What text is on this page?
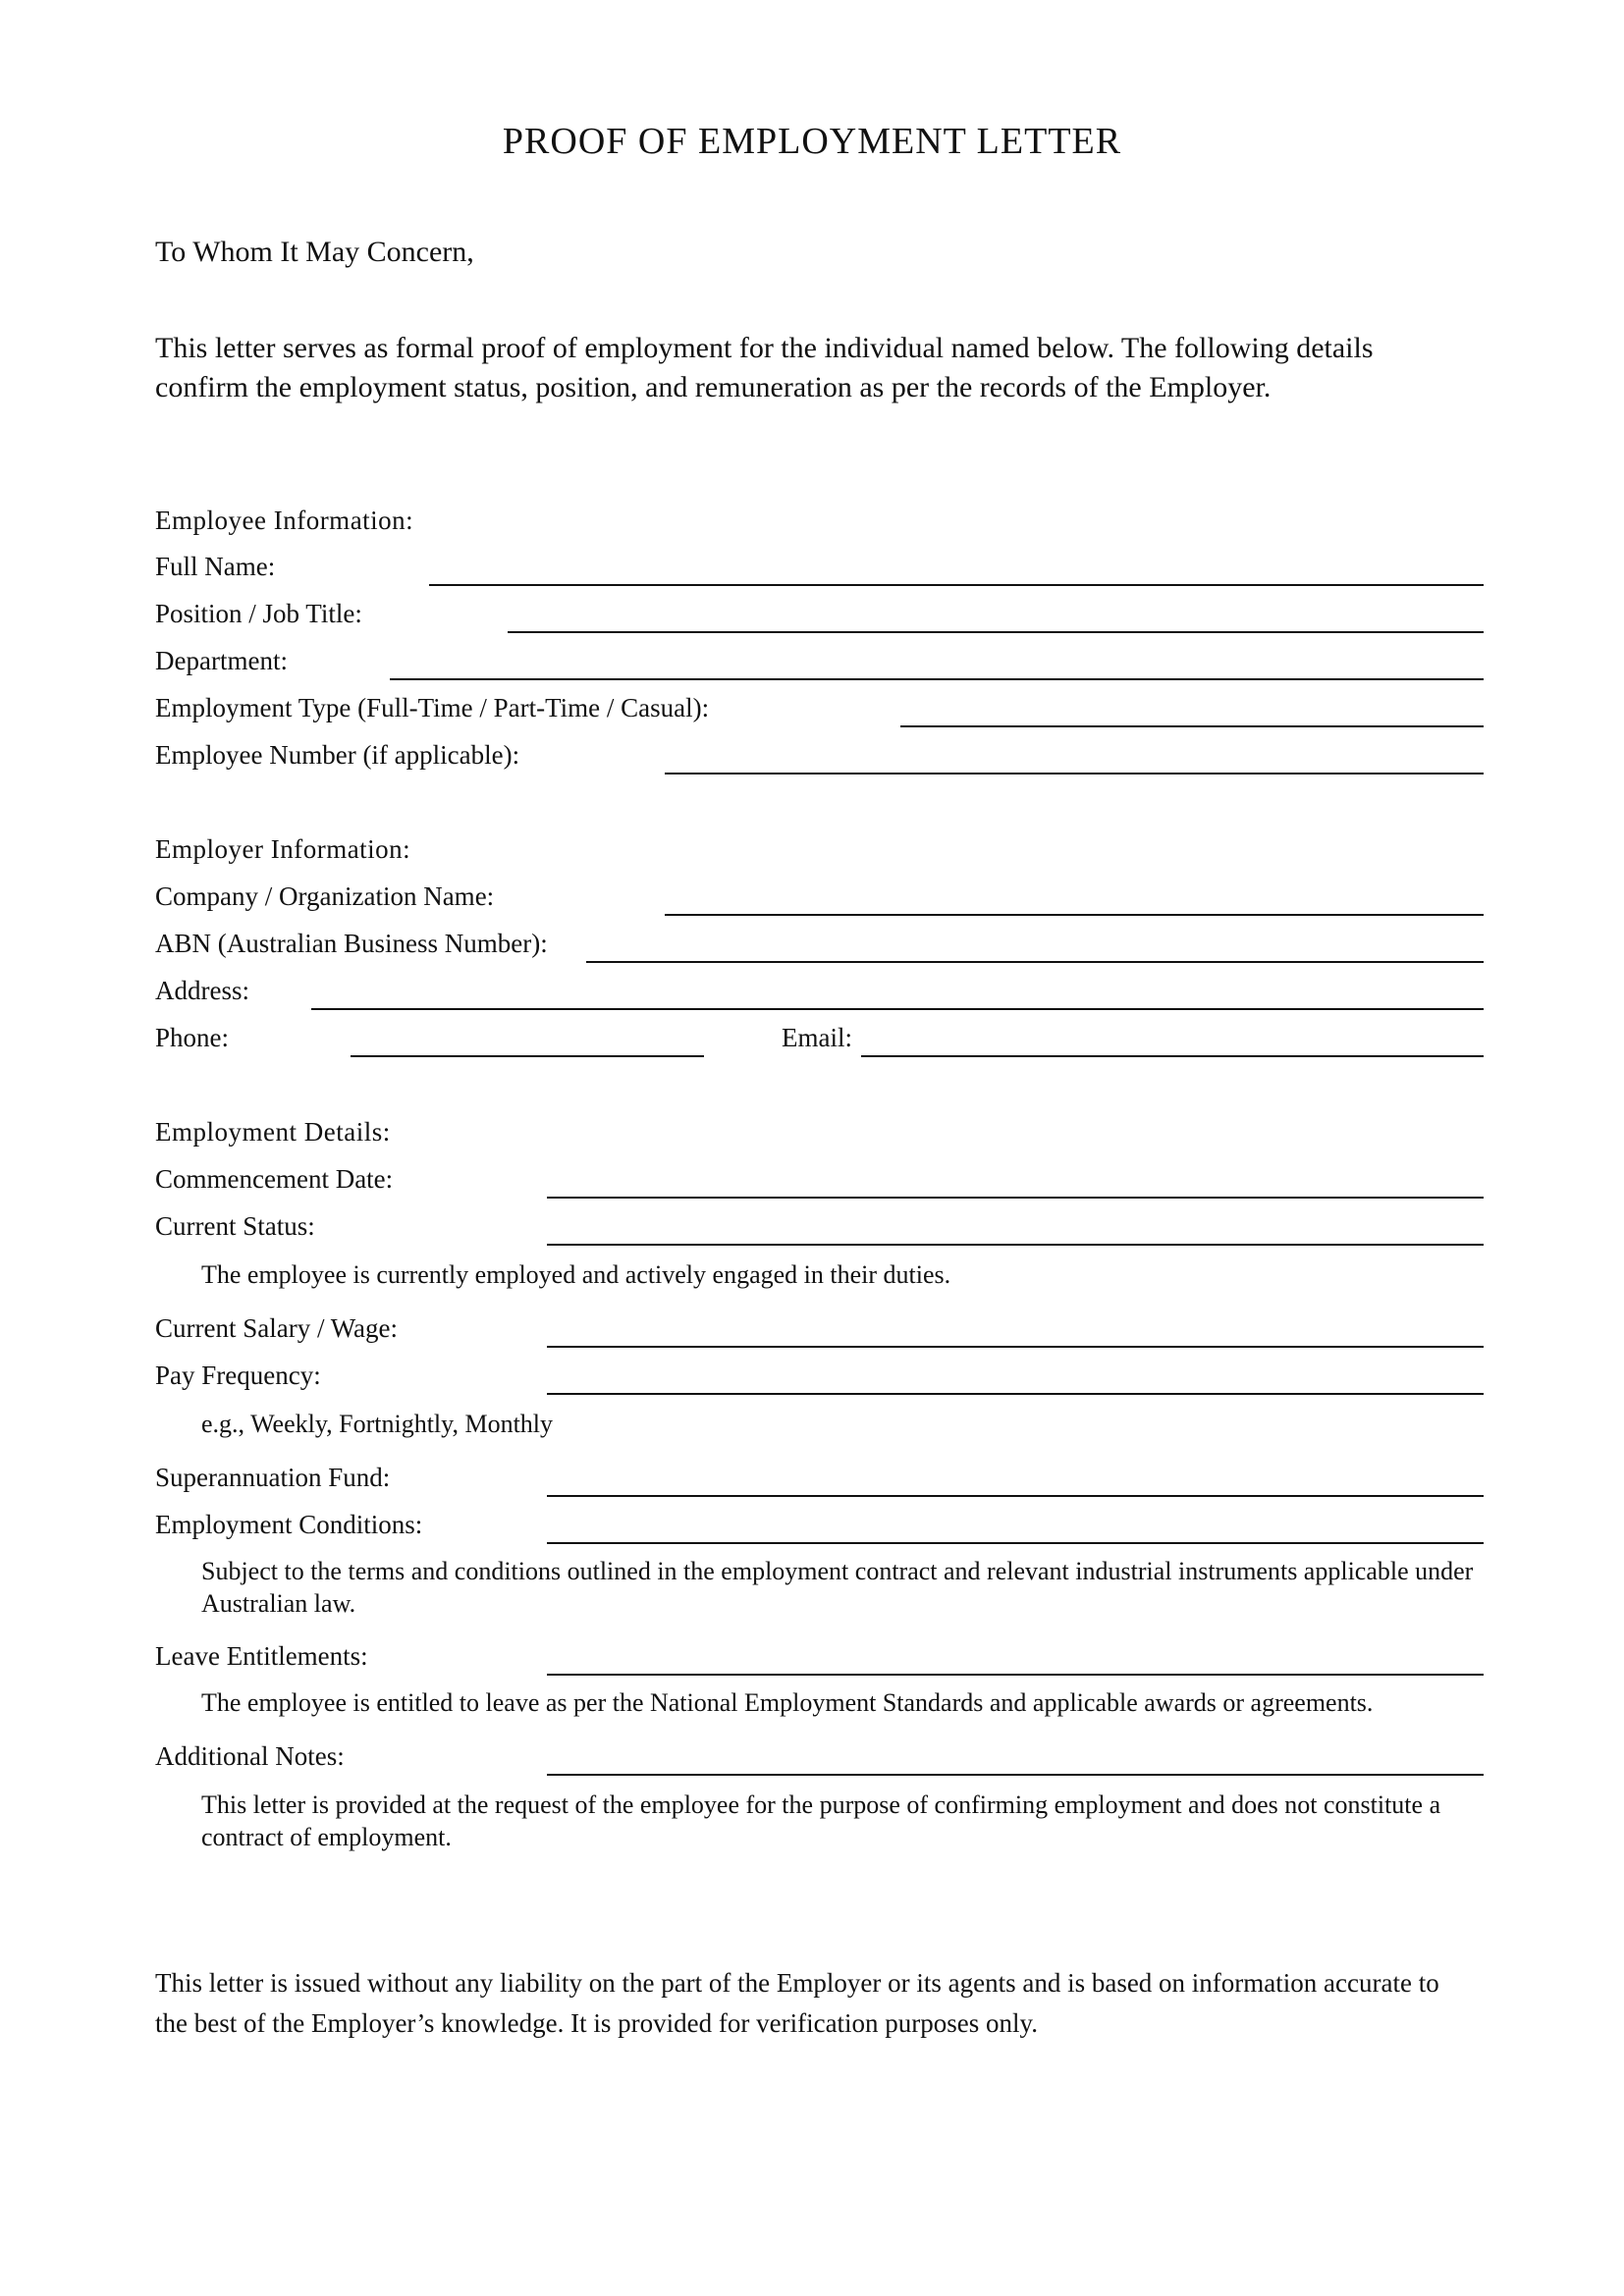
PROOF OF EMPLOYMENT LETTER
To Whom It May Concern,
This letter serves as formal proof of employment for the individual named below. The following details confirm the employment status, position, and remuneration as per the records of the Employer.
Employee Information:
Full Name:
Position / Job Title:
Department:
Employment Type (Full-Time / Part-Time / Casual):
Employee Number (if applicable):
Employer Information:
Company / Organization Name:
ABN (Australian Business Number):
Address:
Phone:	Email:
Employment Details:
Commencement Date:
Current Status:
The employee is currently employed and actively engaged in their duties.
Current Salary / Wage:
Pay Frequency:
e.g., Weekly, Fortnightly, Monthly
Superannuation Fund:
Employment Conditions:
Subject to the terms and conditions outlined in the employment contract and relevant industrial instruments applicable under Australian law.
Leave Entitlements:
The employee is entitled to leave as per the National Employment Standards and applicable awards or agreements.
Additional Notes:
This letter is provided at the request of the employee for the purpose of confirming employment and does not constitute a contract of employment.
This letter is issued without any liability on the part of the Employer or its agents and is based on information accurate to the best of the Employer’s knowledge. It is provided for verification purposes only.
